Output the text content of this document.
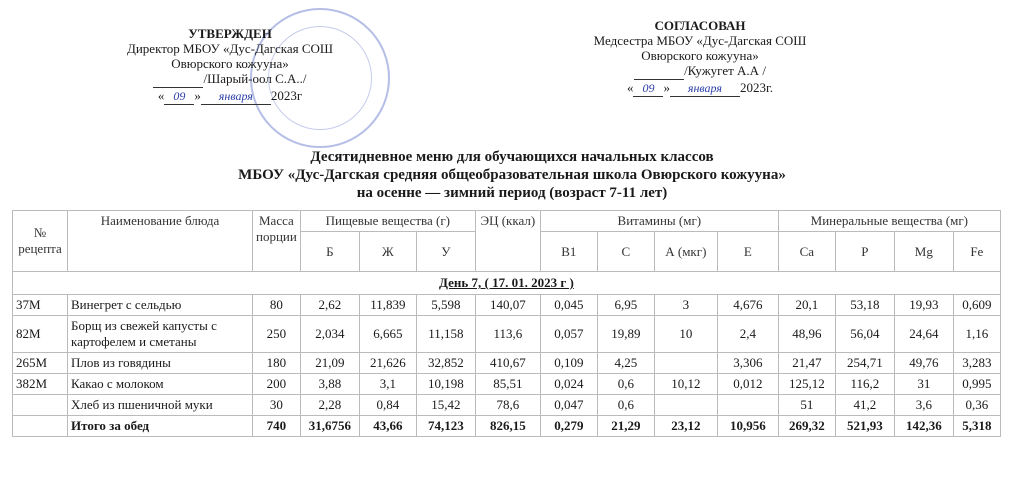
УТВЕРЖДЕН
Директор МБОУ «Дус-Дагская СОШ
Овюрского кожууна»
/Шарый-оол С.А../
« 09 » января 2023г
СОГЛАСОВАН
Медсестра МБОУ «Дус-Дагская СОШ
Овюрского кожууна»
/Кужугет А.А /
« 09 » января 2023г.
Десятидневное меню для обучающихся начальных классов
МБОУ «Дус-Дагская средняя общеобразовательная школа Овюрского кожууна»
на осенне — зимний период (возраст 7-11 лет)
№ рецепта	Наименование блюда	Масса порции	Пищевые вещества (г)			ЭЦ (ккал)	Витамины (мг)				Минеральные вещества (мг)			
			Б	Ж	У		В1	С	А (мкг)	Е	Ca	P	Mg	Fe
День 7, ( 17. 01. 2023 г )														
37М	Винегрет с сельдью	80	2,62	11,839	5,598	140,07	0,045	6,95	3	4,676	20,1	53,18	19,93	0,609
82М	Борщ из свежей капусты с картофелем и сметаны	250	2,034	6,665	11,158	113,6	0,057	19,89	10	2,4	48,96	56,04	24,64	1,16
265М	Плов из говядины	180	21,09	21,626	32,852	410,67	0,109	4,25		3,306	21,47	254,71	49,76	3,283
382М	Какао с молоком	200	3,88	3,1	10,198	85,51	0,024	0,6	10,12	0,012	125,12	116,2	31	0,995
	Хлеб из пшеничной муки	30	2,28	0,84	15,42	78,6	0,047	0,6			51	41,2	3,6	0,36
	Итого за обед	740	31,6756	43,66	74,123	826,15	0,279	21,29	23,12	10,956	269,32	521,93	142,36	5,318
